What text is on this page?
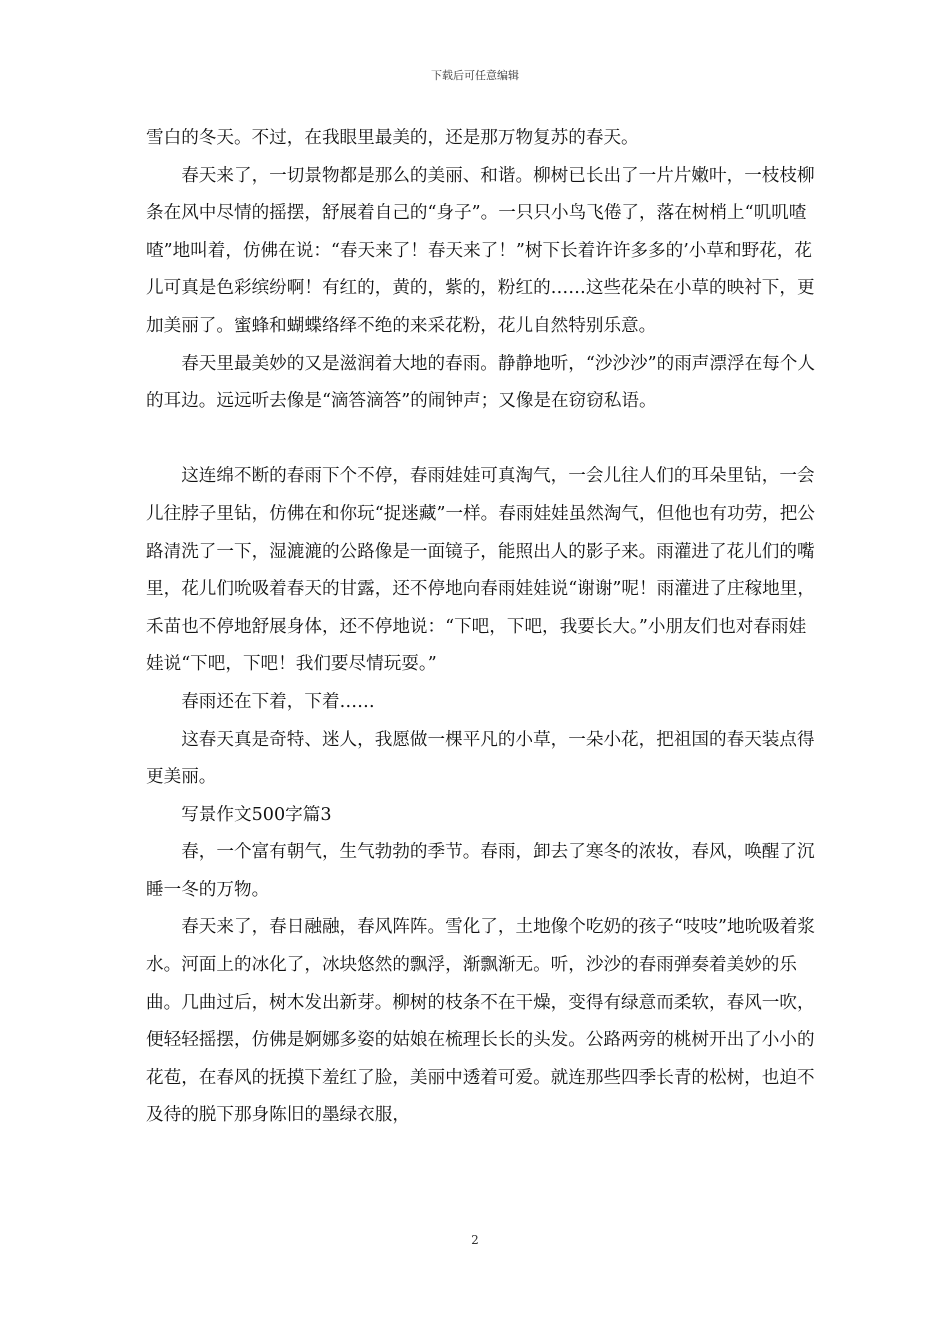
下载后可任意编辑

雪白的冬天。不过，在我眼里最美的，还是那万物复苏的春天。

春天来了，一切景物都是那么的美丽、和谐。柳树已长出了一片片嫩叶，一枝枝柳条在风中尽情的摇摆，舒展着自己的“身子”。一只只小鸟飞倦了，落在树梢上“叽叽喳喳”地叫着，仿佛在说：“春天来了！春天来了！”树下长着许许多多的’小草和野花，花儿可真是色彩缤纷啊！有红的，黄的，紫的，粉红的……这些花朵在小草的映衬下，更加美丽了。蜜蜂和蝴蝶络绎不绝的来采花粉，花儿自然特别乐意。

春天里最美妙的又是滋润着大地的春雨。静静地听，“沙沙沙”的雨声漂浮在每个人的耳边。远远听去像是“滴答滴答”的闹钟声；又像是在窃窃私语。

这连绵不断的春雨下个不停，春雨娃娃可真淘气，一会儿往人们的耳朵里钻，一会儿往脖子里钻，仿佛在和你玩“捉迷藏”一样。春雨娃娃虽然淘气，但他也有功劳，把公路清洗了一下，湿漉漉的公路像是一面镜子，能照出人的影子来。雨灌进了花儿们的嘴里，花儿们吮吸着春天的甘露，还不停地向春雨娃娃说“谢谢”呢！雨灌进了庄稼地里，禾苗也不停地舒展身体，还不停地说：“下吧，下吧，我要长大。”小朋友们也对春雨娃娃说“下吧，下吧！我们要尽情玩耍。”

春雨还在下着，下着……

这春天真是奇特、迷人，我愿做一棵平凡的小草，一朵小花，把祖国的春天装点得更美丽。

写景作文500字篇3

春，一个富有朝气，生气勃勃的季节。春雨，卸去了寒冬的浓妆，春风，唤醒了沉睡一冬的万物。

春天来了，春日融融，春风阵阵。雪化了，土地像个吃奶的孩子“吱吱”地吮吸着浆水。河面上的冰化了，冰块悠然的飘浮，渐飘渐无。听，沙沙的春雨弹奏着美妙的乐曲。几曲过后，树木发出新芽。柳树的枝条不在干燥，变得有绿意而柔软，春风一吹，便轻轻摇摆，仿佛是婀娜多姿的姑娘在梳理长长的头发。公路两旁的桃树开出了小小的花苞，在春风的抚摸下羞红了脸，美丽中透着可爱。就连那些四季长青的松树，也迫不及待的脱下那身陈旧的墨绿衣服，

2
